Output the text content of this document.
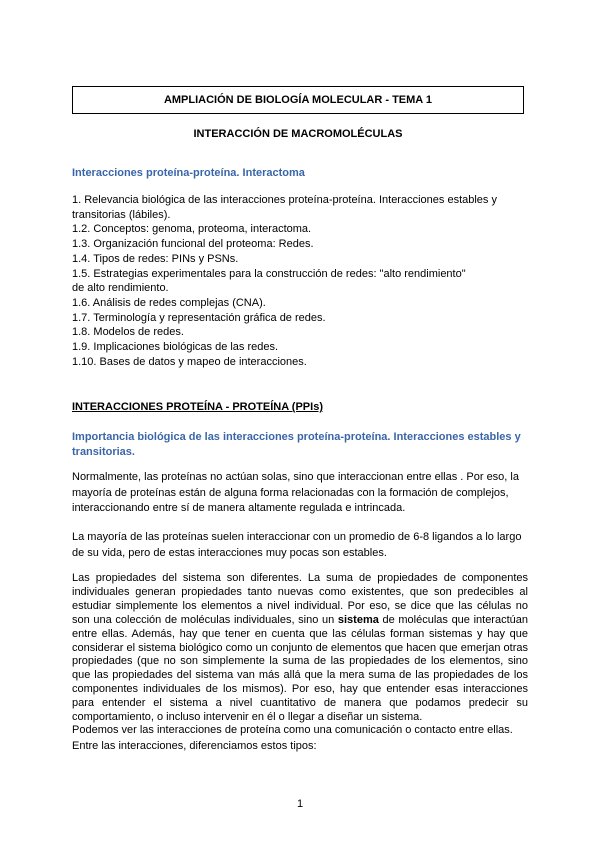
AMPLIACIÓN DE BIOLOGÍA MOLECULAR - TEMA 1
INTERACCIÓN DE MACROMOLÉCULAS
Interacciones proteína-proteína. Interactoma
1. Relevancia biológica de las interacciones proteína-proteína. Interacciones estables y transitorias (lábiles).
1.2. Conceptos: genoma, proteoma, interactoma.
1.3. Organización funcional del proteoma: Redes.
1.4. Tipos de redes: PINs y PSNs.
1.5. Estrategias experimentales para la construcción de redes: "alto rendimiento"
de alto rendimiento.
1.6. Análisis de redes complejas (CNA).
1.7. Terminología y representación gráfica de redes.
1.8. Modelos de redes.
1.9. Implicaciones biológicas de las redes.
1.10. Bases de datos y mapeo de interacciones.
INTERACCIONES PROTEÍNA - PROTEÍNA (PPIs)
Importancia biológica de las interacciones proteína-proteína. Interacciones estables y transitorias.

Normalmente, las proteínas no actúan solas, sino que interaccionan entre ellas . Por eso, la mayoría de proteínas están de alguna forma relacionadas con la formación de complejos, interaccionando entre sí de manera altamente regulada e intrincada.

La mayoría de las proteínas suelen interaccionar con un promedio de 6-8 ligandos a lo largo de su vida, pero de estas interacciones muy pocas son estables.

Las propiedades del sistema son diferentes. La suma de propiedades de componentes individuales generan propiedades tanto nuevas como existentes, que son predecibles al estudiar simplemente los elementos a nivel individual. Por eso, se dice que las células no son una colección de moléculas individuales, sino un sistema de moléculas que interactúan entre ellas. Además, hay que tener en cuenta que las células forman sistemas y hay que considerar el sistema biológico como un conjunto de elementos que hacen que emerjan otras propiedades (que no son simplemente la suma de las propiedades de los elementos, sino que las propiedades del sistema van más allá que la mera suma de las propiedades de los componentes individuales de los mismos). Por eso, hay que entender esas interacciones para entender el sistema a nivel cuantitativo de manera que podamos predecir su comportamiento, o incluso intervenir en él o llegar a diseñar un sistema.

Podemos ver las interacciones de proteína como una comunicación o contacto entre ellas.

Entre las interacciones, diferenciamos estos tipos:

1
